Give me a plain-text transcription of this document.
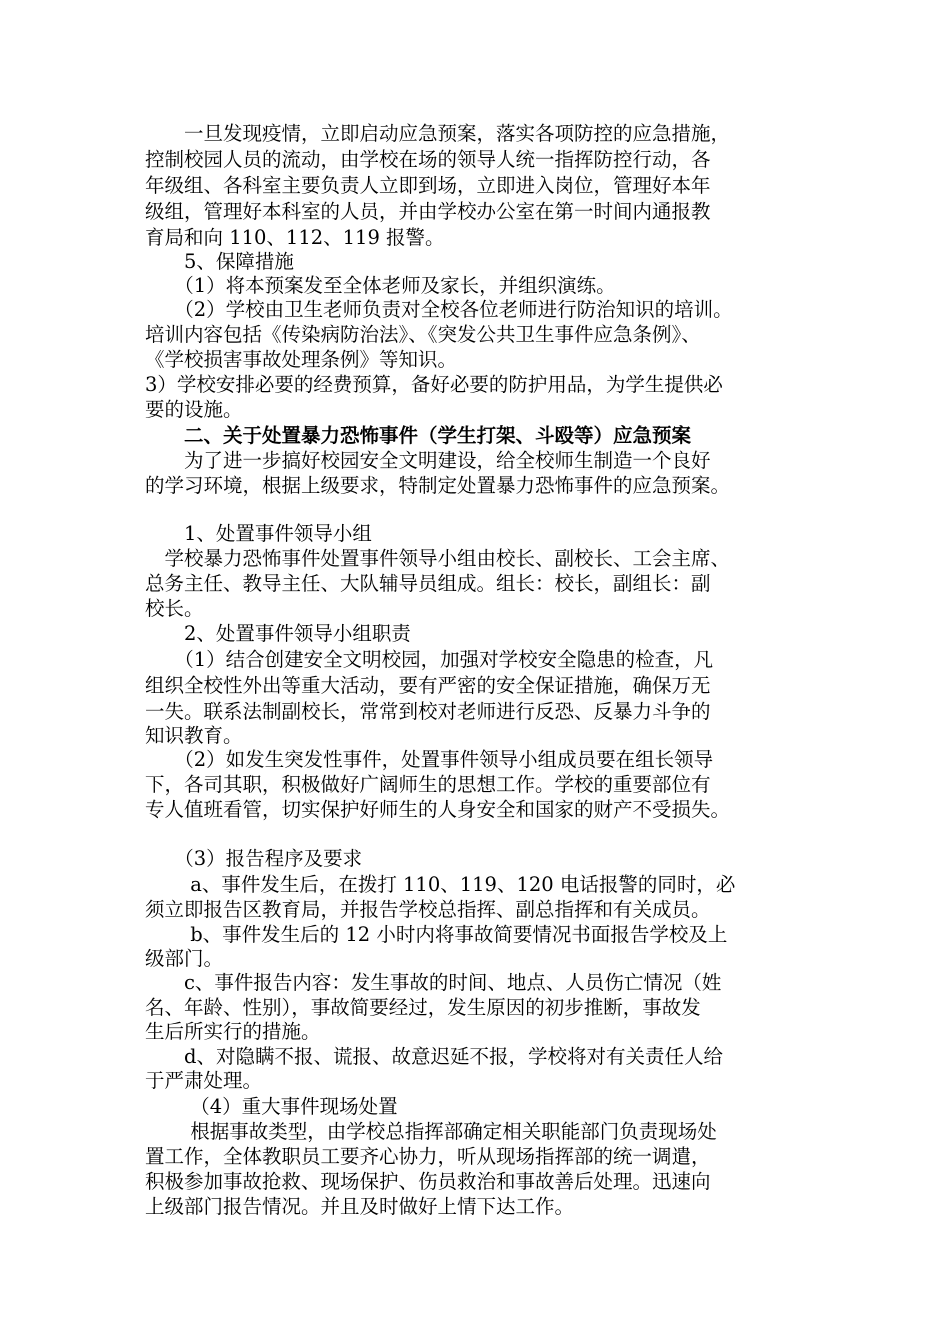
　　一旦发现疫情，立即启动应急预案，落实各项防控的应急措施，
控制校园人员的流动，由学校在场的领导人统一指挥防控行动，各
年级组、各科室主要负责人立即到场，立即进入岗位，管理好本年
级组，管理好本科室的人员，并由学校办公室在第一时间内通报教
育局和向 110、112、119 报警。
　　5、保障措施
　　（1）将本预案发至全体老师及家长，并组织演练。
　　（2）学校由卫生老师负责对全校各位老师进行防治知识的培训。
培训内容包括《传染病防治法》、《突发公共卫生事件应急条例》、
《学校损害事故处理条例》等知识。
3）学校安排必要的经费预算，备好必要的防护用品，为学生提供必
要的设施。
　　二、关于处置暴力恐怖事件（学生打架、斗殴等）应急预案
　　为了进一步搞好校园安全文明建设，给全校师生制造一个良好
的学习环境，根据上级要求，特制定处置暴力恐怖事件的应急预案。
　　1、处置事件领导小组
　学校暴力恐怖事件处置事件领导小组由校长、副校长、工会主席、
总务主任、教导主任、大队辅导员组成。组长：校长，副组长：副
校长。
　　2、处置事件领导小组职责
　　（1）结合创建安全文明校园，加强对学校安全隐患的检查，凡
组织全校性外出等重大活动，要有严密的安全保证措施，确保万无
一失。联系法制副校长，常常到校对老师进行反恐、反暴力斗争的
知识教育。
　　（2）如发生突发性事件，处置事件领导小组成员要在组长领导
下，各司其职，积极做好广阔师生的思想工作。学校的重要部位有
专人值班看管，切实保护好师生的人身安全和国家的财产不受损失。
　　（3）报告程序及要求
　　 a、事件发生后，在拨打 110、119、120 电话报警的同时，必
须立即报告区教育局，并报告学校总指挥、副总指挥和有关成员。
　　 b、事件发生后的 12 小时内将事故简要情况书面报告学校及上
级部门。
　　c、事件报告内容：发生事故的时间、地点、人员伤亡情况（姓
名、年龄、性别），事故简要经过，发生原因的初步推断，事故发
生后所实行的措施。
　　d、对隐瞒不报、谎报、故意迟延不报，学校将对有关责任人给
于严肃处理。
　　 （4）重大事件现场处置
　　 根据事故类型，由学校总指挥部确定相关职能部门负责现场处
置工作，全体教职员工要齐心协力，听从现场指挥部的统一调遣，
积极参加事故抢救、现场保护、伤员救治和事故善后处理。迅速向
上级部门报告情况。并且及时做好上情下达工作。
